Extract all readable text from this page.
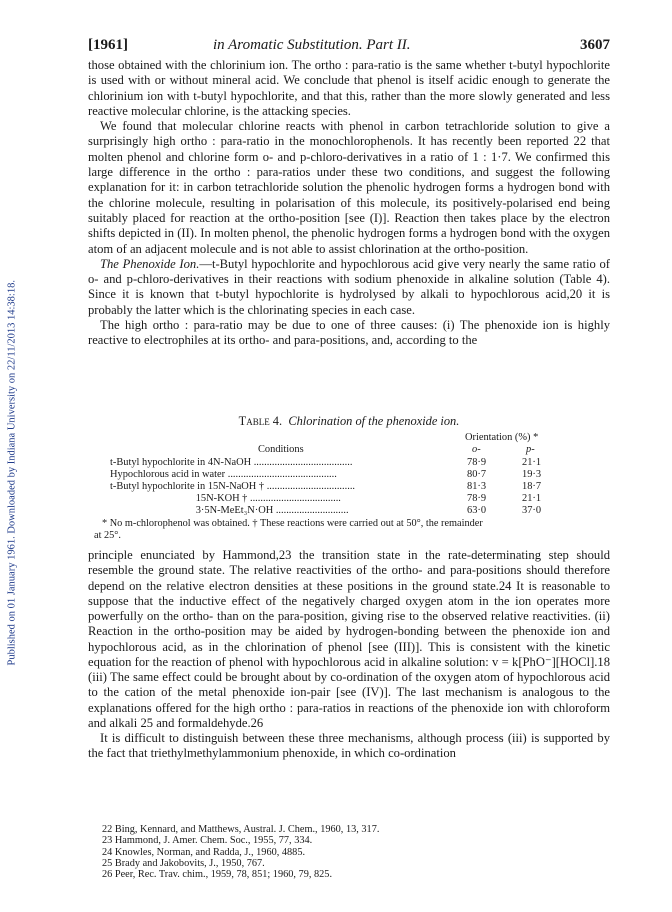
Published on 01 January 1961. Downloaded by Indiana University on 22/11/2013 14:38:18.
[1961]	in Aromatic Substitution. Part II.	3607

those obtained with the chlorinium ion. The ortho : para-ratio is the same whether t-butyl hypochlorite is used with or without mineral acid. We conclude that phenol is itself acidic enough to generate the chlorinium ion with t-butyl hypochlorite, and that this, rather than the more slowly generated and less reactive molecular chlorine, is the attacking species.

We found that molecular chlorine reacts with phenol in carbon tetrachloride solution to give a surprisingly high ortho : para-ratio in the monochlorophenols. It has recently been reported 22 that molten phenol and chlorine form o- and p-chloro-derivatives in a ratio of 1 : 1·7. We confirmed this large difference in the ortho : para-ratios under these two conditions, and suggest the following explanation for it: in carbon tetrachloride solution the phenolic hydrogen forms a hydrogen bond with the chlorine molecule, resulting in polarisation of this molecule, its positively-polarised end being suitably placed for reaction at the ortho-position [see (I)]. Reaction then takes place by the electron shifts depicted in (II). In molten phenol, the phenolic hydrogen forms a hydrogen bond with the oxygen atom of an adjacent molecule and is not able to assist chlorination at the ortho-position.

The Phenoxide Ion.—t-Butyl hypochlorite and hypochlorous acid give very nearly the same ratio of o- and p-chloro-derivatives in their reactions with sodium phenoxide in alkaline solution (Table 4). Since it is known that t-butyl hypochlorite is hydrolysed by alkali to hypochlorous acid,20 it is probably the latter which is the chlorinating species in each case.

The high ortho : para-ratio may be due to one of three causes: (i) The phenoxide ion is highly reactive to electrophiles at its ortho- and para-positions, and, according to the

Table 4. Chlorination of the phenoxide ion.
Orientation (%) *
Conditions	o-	p-
t-Butyl hypochlorite in 4N-NaOH ......................................	78·9	21·1
Hypochlorous acid in water ..........................................	80·7	19·3
t-Butyl hypochlorite in 15N-NaOH † ..................................	81·3	18·7
15N-KOH † ...................................	78·9	21·1
3·5N-MeEt₃N·OH ............................	63·0	37·0
* No m-chlorophenol was obtained. † These reactions were carried out at 50°, the remainder
at 25°.

principle enunciated by Hammond,23 the transition state in the rate-determinating step should resemble the ground state. The relative reactivities of the ortho- and para-positions should therefore depend on the relative electron densities at these positions in the ground state.24 It is reasonable to suppose that the inductive effect of the negatively charged oxygen atom in the ion operates more powerfully on the ortho- than on the para-position, giving rise to the observed relative reactivities. (ii) Reaction in the ortho-position may be aided by hydrogen-bonding between the phenoxide ion and hypochlorous acid, as in the chlorination of phenol [see (III)]. This is consistent with the kinetic equation for the reaction of phenol with hypochlorous acid in alkaline solution: v = k[PhO⁻][HOCl].18 (iii) The same effect could be brought about by co-ordination of the oxygen atom of hypochlorous acid to the cation of the metal phenoxide ion-pair [see (IV)]. The last mechanism is analogous to the explanations offered for the high ortho : para-ratios in reactions of the phenoxide ion with chloroform and alkali 25 and formaldehyde.26

It is difficult to distinguish between these three mechanisms, although process (iii) is supported by the fact that triethylmethylammonium phenoxide, in which co-ordination

22 Bing, Kennard, and Matthews, Austral. J. Chem., 1960, 13, 317.
23 Hammond, J. Amer. Chem. Soc., 1955, 77, 334.
24 Knowles, Norman, and Radda, J., 1960, 4885.
25 Brady and Jakobovits, J., 1950, 767.
26 Peer, Rec. Trav. chim., 1959, 78, 851; 1960, 79, 825.
